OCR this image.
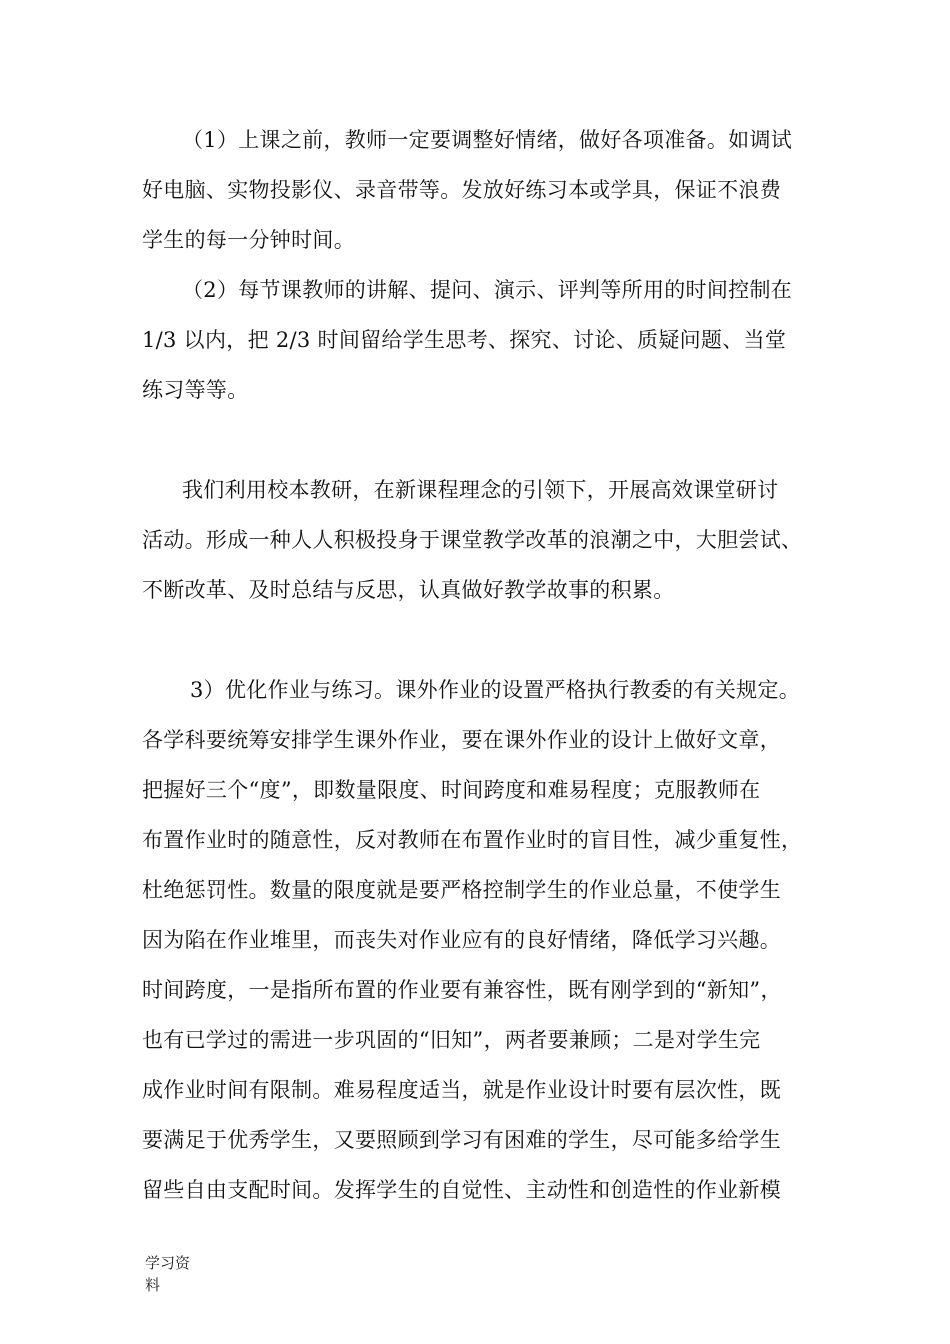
（1）上课之前，教师一定要调整好情绪，做好各项准备。如调试
好电脑、实物投影仪、录音带等。发放好练习本或学具，保证不浪费
学生的每一分钟时间。
（2）每节课教师的讲解、提问、演示、评判等所用的时间控制在
1/3 以内，把 2/3 时间留给学生思考、探究、讨论、质疑问题、当堂
练习等等。
我们利用校本教研，在新课程理念的引领下，开展高效课堂研讨
活动。形成一种人人积极投身于课堂教学改革的浪潮之中，大胆尝试、
不断改革、及时总结与反思，认真做好教学故事的积累。
3）优化作业与练习。课外作业的设置严格执行教委的有关规定。
各学科要统筹安排学生课外作业，要在课外作业的设计上做好文章，
把握好三个“度”，即数量限度、时间跨度和难易程度；克服教师在
布置作业时的随意性，反对教师在布置作业时的盲目性，减少重复性，
杜绝惩罚性。数量的限度就是要严格控制学生的作业总量，不使学生
因为陷在作业堆里，而丧失对作业应有的良好情绪，降低学习兴趣。
时间跨度，一是指所布置的作业要有兼容性，既有刚学到的“新知”，
也有已学过的需进一步巩固的“旧知”，两者要兼顾；二是对学生完
成作业时间有限制。难易程度适当，就是作业设计时要有层次性，既
要满足于优秀学生，又要照顾到学习有困难的学生，尽可能多给学生
留些自由支配时间。发挥学生的自觉性、主动性和创造性的作业新模
学习资
料
